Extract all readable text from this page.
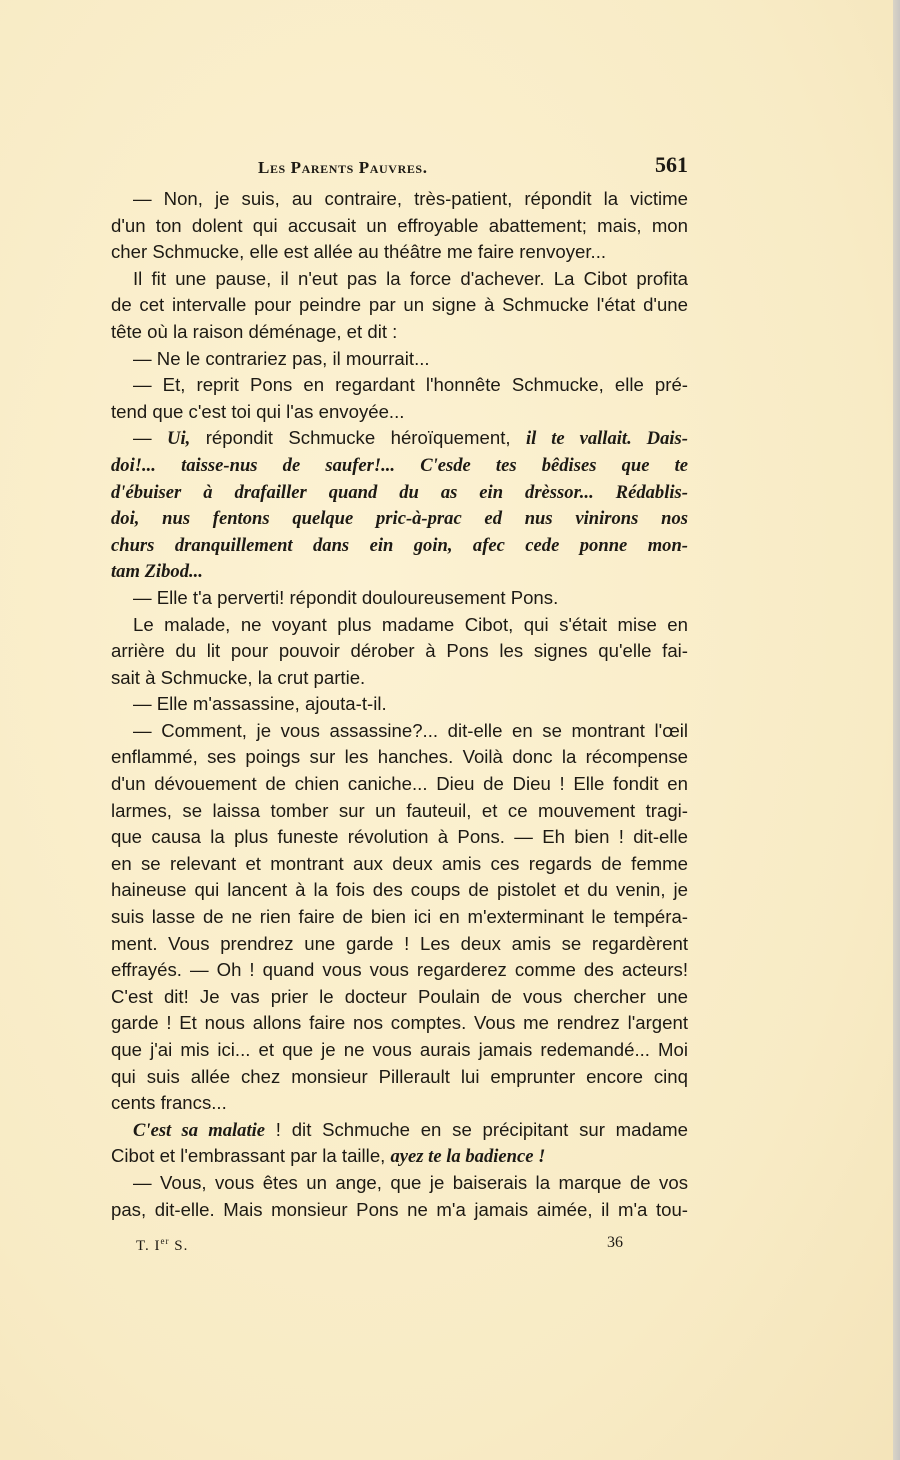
Les Parents Pauvres.	561
— Non, je suis, au contraire, très-patient, répondit la victime
d'un ton dolent qui accusait un effroyable abattement; mais, mon
cher Schmucke, elle est allée au théâtre me faire renvoyer...
Il fit une pause, il n'eut pas la force d'achever. La Cibot profita
de cet intervalle pour peindre par un signe à Schmucke l'état d'une
tête où la raison déménage, et dit :
— Ne le contrariez pas, il mourrait...
— Et, reprit Pons en regardant l'honnête Schmucke, elle pré-
tend que c'est toi qui l'as envoyée...
— Ui, répondit Schmucke héroïquement, il te vallait. Dais-
doi!... taisse-nus de saufer!... C'esde tes bêdises que te
d'ébuiser à drafailler quand du as ein drèssor... Rédablis-
doi, nus fentons quelque pric-à-prac ed nus vinirons nos
churs dranquillement dans ein goin, afec cede ponne mon-
tam Zibod...
— Elle t'a perverti! répondit douloureusement Pons.
Le malade, ne voyant plus madame Cibot, qui s'était mise en
arrière du lit pour pouvoir dérober à Pons les signes qu'elle fai-
sait à Schmucke, la crut partie.
— Elle m'assassine, ajouta-t-il.
— Comment, je vous assassine?... dit-elle en se montrant l'œil
enflammé, ses poings sur les hanches. Voilà donc la récompense
d'un dévouement de chien caniche... Dieu de Dieu ! Elle fondit en
larmes, se laissa tomber sur un fauteuil, et ce mouvement tragi-
que causa la plus funeste révolution à Pons. — Eh bien ! dit-elle
en se relevant et montrant aux deux amis ces regards de femme
haineuse qui lancent à la fois des coups de pistolet et du venin, je
suis lasse de ne rien faire de bien ici en m'exterminant le tempéra-
ment. Vous prendrez une garde ! Les deux amis se regardèrent
effrayés. — Oh ! quand vous vous regarderez comme des acteurs!
C'est dit! Je vas prier le docteur Poulain de vous chercher une
garde ! Et nous allons faire nos comptes. Vous me rendrez l'argent
que j'ai mis ici... et que je ne vous aurais jamais redemandé... Moi
qui suis allée chez monsieur Pillerault lui emprunter encore cinq
cents francs...
C'est sa malatie ! dit Schmuche en se précipitant sur madame
Cibot et l'embrassant par la taille, ayez te la badience !
— Vous, vous êtes un ange, que je baiserais la marque de vos
pas, dit-elle. Mais monsieur Pons ne m'a jamais aimée, il m'a tou-
T. Ier S.	36
